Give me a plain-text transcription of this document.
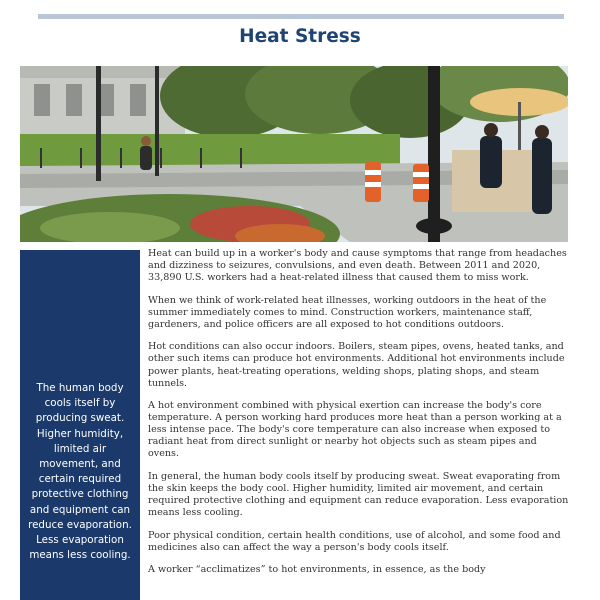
Heat Stress

The human body cools itself by producing sweat. Higher humidity, limited air movement, and certain required protective clothing and equipment can reduce evaporation. Less evaporation means less cooling.

Heat can build up in a worker's body and cause symptoms that range from headaches and dizziness to seizures, convulsions, and even death. Between 2011 and 2020, 33,890 U.S. workers had a heat-related illness that caused them to miss work.

When we think of work-related heat illnesses, working outdoors in the heat of the summer immediately comes to mind. Construction workers, maintenance staff, gardeners, and police officers are all exposed to hot conditions outdoors.

Hot conditions can also occur indoors. Boilers, steam pipes, ovens, heated tanks, and other such items can produce hot environments. Additional hot environments include power plants, heat-treating operations, welding shops, plating shops, and steam tunnels.

A hot environment combined with physical exertion can increase the body's core temperature. A person working hard produces more heat than a person working at a less intense pace. The body's core temperature can also increase when exposed to radiant heat from direct sunlight or nearby hot objects such as steam pipes and ovens.

In general, the human body cools itself by producing sweat. Sweat evaporating from the skin keeps the body cool. Higher humidity, limited air movement, and certain required protective clothing and equipment can reduce evaporation. Less evaporation means less cooling.

Poor physical condition, certain health conditions, use of alcohol, and some food and medicines also can affect the way a person's body cools itself.

A worker “acclimatizes” to hot environments, in essence, as the body
